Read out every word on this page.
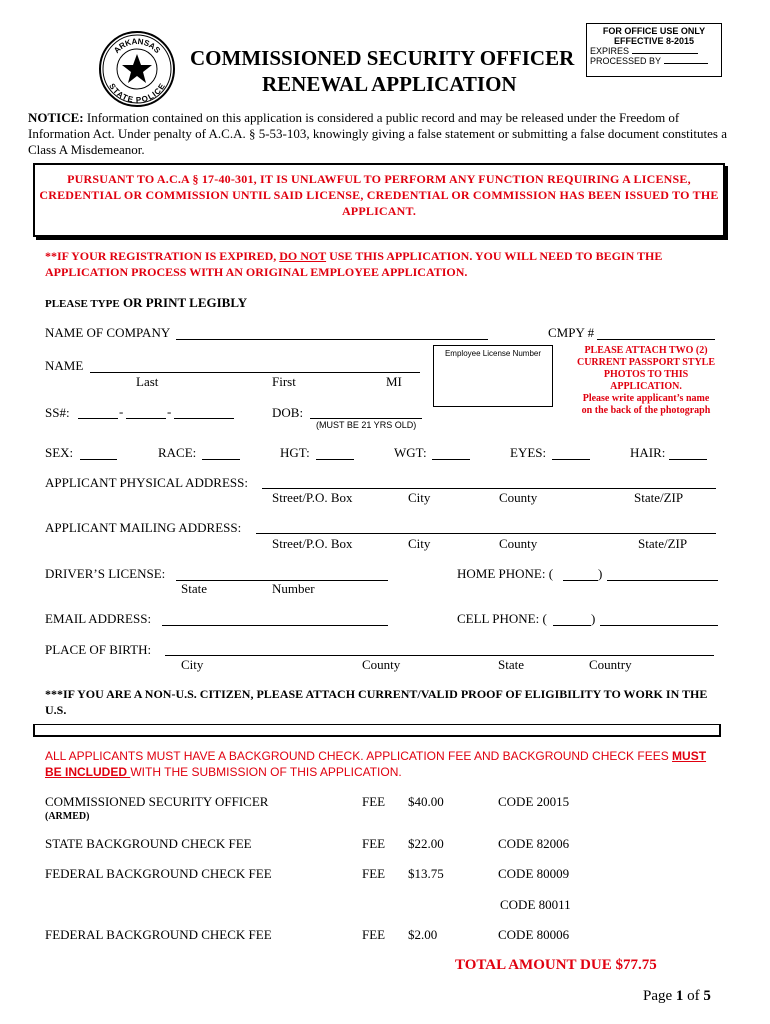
ARKANSAS
STATE POLICE
FOR OFFICE USE ONLY
EFFECTIVE 8-2015
EXPIRES
PROCESSED BY
COMMISSIONED SECURITY OFFICER
RENEWAL APPLICATION
NOTICE: Information contained on this application is considered a public record and may be released under the Freedom of Information Act. Under penalty of A.C.A. § 5-53-103, knowingly giving a false statement or submitting a false document constitutes a Class A Misdemeanor.
PURSUANT TO A.C.A § 17-40-301, IT IS UNLAWFUL TO PERFORM ANY FUNCTION REQUIRING A LICENSE, CREDENTIAL OR COMMISSION UNTIL SAID LICENSE, CREDENTIAL OR COMMISSION HAS BEEN ISSUED TO THE APPLICANT.
**IF YOUR REGISTRATION IS EXPIRED, DO NOT USE THIS APPLICATION. YOU WILL NEED TO BEGIN THE APPLICATION PROCESS WITH AN ORIGINAL EMPLOYEE APPLICATION.
PLEASE TYPE OR PRINT LEGIBLY
NAME OF COMPANY	CMPY #
Employee License Number	PLEASE ATTACH TWO (2)
CURRENT PASSPORT STYLE
PHOTOS TO THIS
APPLICATION.
Please write applicant’s name
on the back of the photograph
NAME
Last	First	MI
SS#:	-	-	DOB:
(MUST BE 21 YRS OLD)
SEX:	RACE:	HGT:	WGT:	EYES:	HAIR:
APPLICANT PHYSICAL ADDRESS:
Street/P.O. Box	City	County	State/ZIP
APPLICANT MAILING ADDRESS:
Street/P.O. Box	City	County	State/ZIP
DRIVER’S LICENSE:
State	Number
HOME PHONE: (	)
EMAIL ADDRESS:	CELL PHONE: (	)
PLACE OF BIRTH:
City	County	State	Country
***IF YOU ARE A NON-U.S. CITIZEN, PLEASE ATTACH CURRENT/VALID PROOF OF ELIGIBILITY TO WORK IN THE U.S.
ALL APPLICANTS MUST HAVE A BACKGROUND CHECK. APPLICATION FEE AND BACKGROUND CHECK FEES MUST BE INCLUDED WITH THE SUBMISSION OF THIS APPLICATION.
COMMISSIONED SECURITY OFFICER
(ARMED)
FEE $40.00	CODE 20015
STATE BACKGROUND CHECK FEE	FEE $22.00	CODE 82006
FEDERAL BACKGROUND CHECK FEE	FEE $13.75	CODE 80009
CODE 80011
FEDERAL BACKGROUND CHECK FEE	FEE $2.00	CODE 80006
TOTAL AMOUNT DUE $77.75
Page 1 of 5
